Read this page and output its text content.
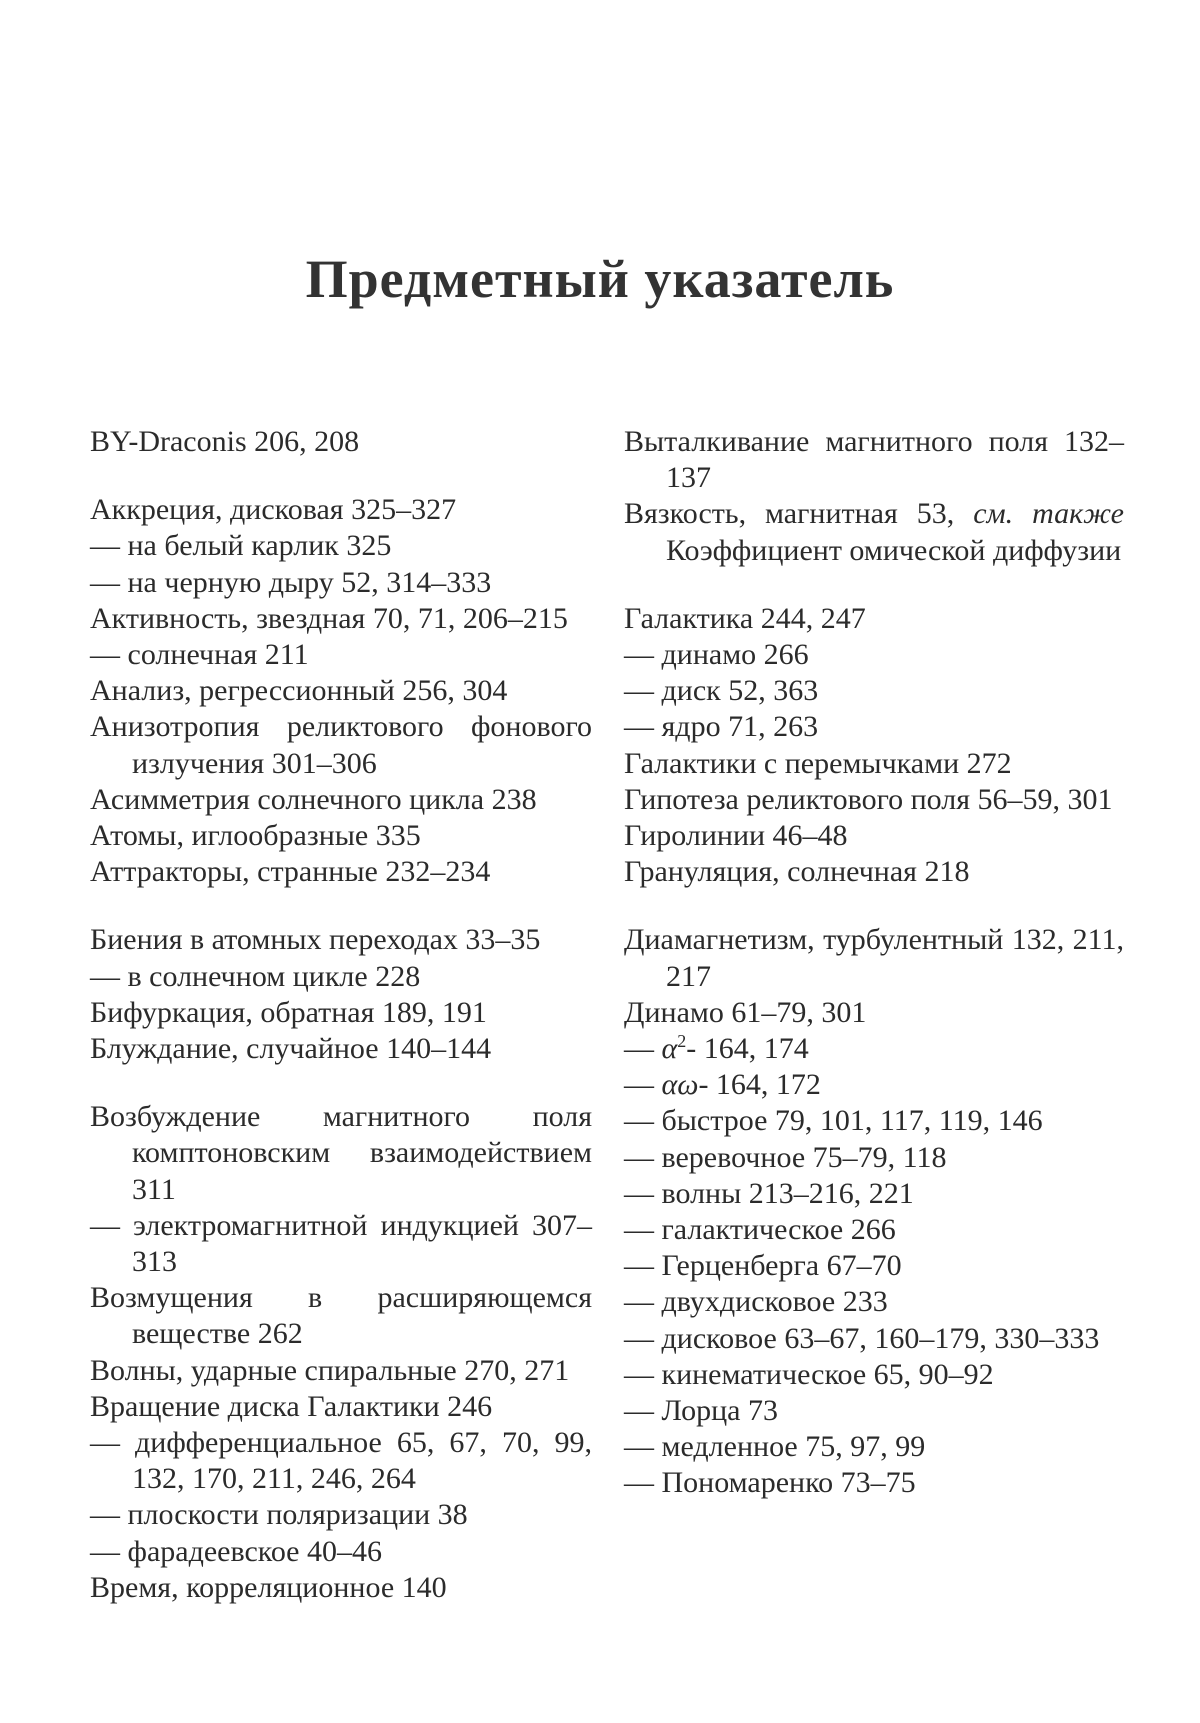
Предметный указатель

BY-Draconis 206, 208

Аккреция, дисковая 325–327

— на белый карлик 325

— на черную дыру 52, 314–333

Активность, звездная 70, 71, 206–215

— солнечная 211

Анализ, регрессионный 256, 304

Анизотропия реликтового фонового излучения 301–306

Асимметрия солнечного цикла 238

Атомы, иглообразные 335

Аттракторы, странные 232–234

Биения в атомных переходах 33–35

— в солнечном цикле 228

Бифуркация, обратная 189, 191

Блуждание, случайное 140–144

Возбуждение магнитного поля комптоновским взаимодействием 311

— электромагнитной индукцией 307–313

Возмущения в расширяющемся веществе 262

Волны, ударные спиральные 270, 271

Вращение диска Галактики 246

— дифференциальное 65, 67, 70, 99, 132, 170, 211, 246, 264

— плоскости поляризации 38

— фарадеевское 40–46

Время, корреляционное 140

Выталкивание магнитного поля 132–137

Вязкость, магнитная 53, см. также Коэффициент омической диффузии

Галактика 244, 247

— динамо 266

— диск 52, 363

— ядро 71, 263

Галактики с перемычками 272

Гипотеза реликтового поля 56–59, 301

Гиролинии 46–48

Грануляция, солнечная 218

Диамагнетизм, турбулентный 132, 211, 217

Динамо 61–79, 301

— $\alpha^2-$ 164, 174

— αω- 164, 172

— быстрое 79, 101, 117, 119, 146

— веревочное 75–79, 118

— волны 213–216, 221

— галактическое 266

— Герценберга 67–70

— двухдисковое 233

— дисковое 63–67, 160–179, 330–333

— кинематическое 65, 90–92

— Лорца 73

— медленное 75, 97, 99

— Пономаренко 73–75
